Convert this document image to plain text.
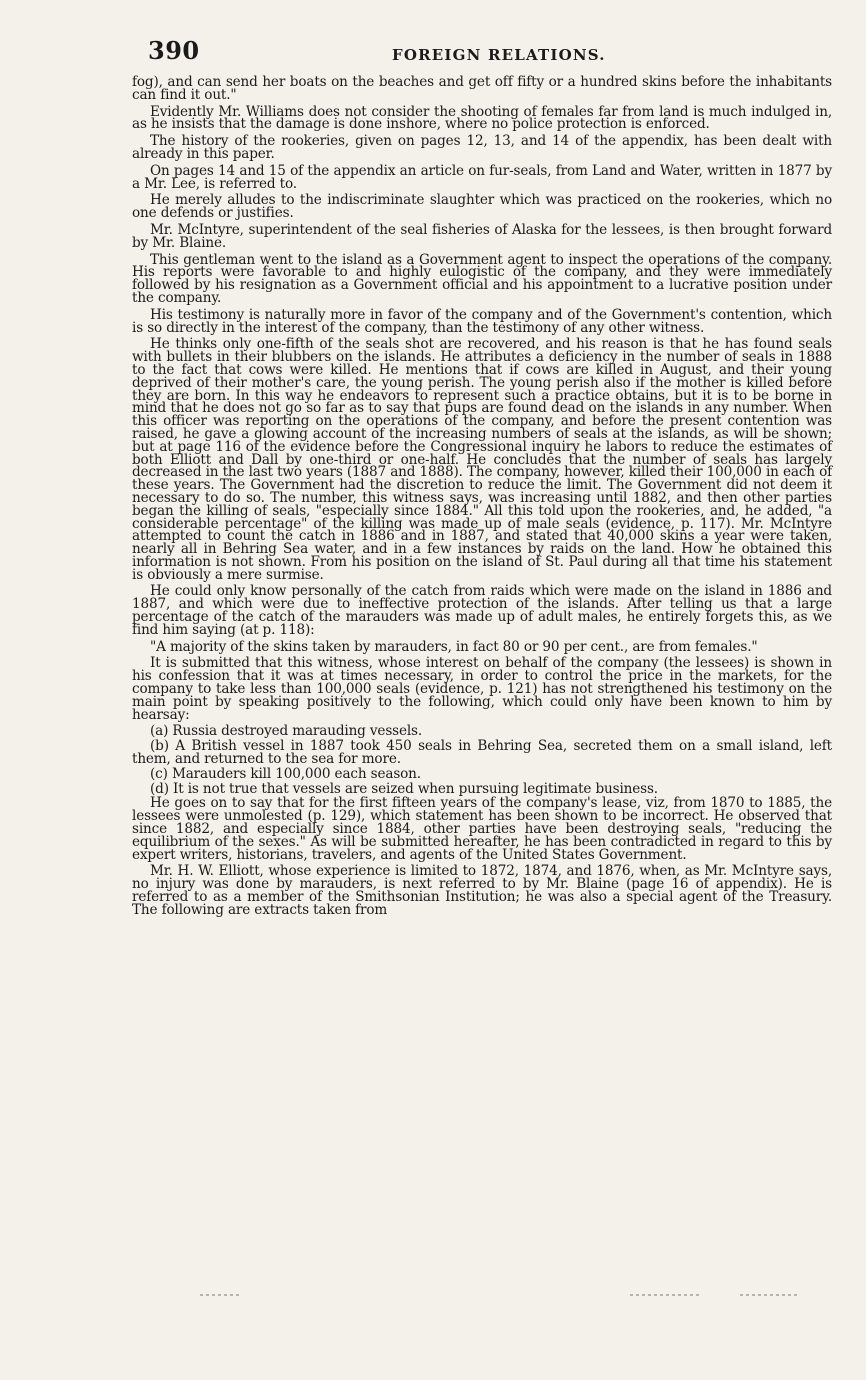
390	FOREIGN RELATIONS.

fog), and can send her boats on the beaches and get off fifty or a hundred skins before the inhabitants can find it out."

Evidently Mr. Williams does not consider the shooting of females far from land is much indulged in, as he insists that the damage is done inshore, where no police protection is enforced.

The history of the rookeries, given on pages 12, 13, and 14 of the appendix, has been dealt with already in this paper.

On pages 14 and 15 of the appendix an article on fur-seals, from Land and Water, written in 1877 by a Mr. Lee, is referred to.

He merely alludes to the indiscriminate slaughter which was practiced on the rookeries, which no one defends or justifies.

Mr. McIntyre, superintendent of the seal fisheries of Alaska for the lessees, is then brought forward by Mr. Blaine.

This gentleman went to the island as a Government agent to inspect the operations of the company. His reports were favorable to and highly eulogistic of the company, and they were immediately followed by his resignation as a Government official and his appointment to a lucrative position under the company.

His testimony is naturally more in favor of the company and of the Government's contention, which is so directly in the interest of the company, than the testimony of any other witness.

He thinks only one-fifth of the seals shot are recovered, and his reason is that he has found seals with bullets in their blubbers on the islands. He attributes a deficiency in the number of seals in 1888 to the fact that cows were killed. He mentions that if cows are killed in August, and their young deprived of their mother's care, the young perish. The young perish also if the mother is killed before they are born. In this way he endeavors to represent such a practice obtains, but it is to be borne in mind that he does not go so far as to say that pups are found dead on the islands in any number. When this officer was reporting on the operations of the company, and before the present contention was raised, he gave a glowing account of the increasing numbers of seals at the islands, as will be shown; but at page 116 of the evidence before the Congressional inquiry he labors to reduce the estimates of both Elliott and Dall by one-third or one-half. He concludes that the number of seals has largely decreased in the last two years (1887 and 1888). The company, however, killed their 100,000 in each of these years. The Government had the discretion to reduce the limit. The Government did not deem it necessary to do so. The number, this witness says, was increasing until 1882, and then other parties began the killing of seals, "especially since 1884." All this told upon the rookeries, and, he added, "a considerable percentage" of the killing was made up of male seals (evidence, p. 117). Mr. McIntyre attempted to count the catch in 1886 and in 1887, and stated that 40,000 skins a year were taken, nearly all in Behring Sea water, and in a few instances by raids on the land. How he obtained this information is not shown. From his position on the island of St. Paul during all that time his statement is obviously a mere surmise.

He could only know personally of the catch from raids which were made on the island in 1886 and 1887, and which were due to ineffective protection of the islands. After telling us that a large percentage of the catch of the marauders was made up of adult males, he entirely forgets this, as we find him saying (at p. 118):

"A majority of the skins taken by marauders, in fact 80 or 90 per cent., are from females."

It is submitted that this witness, whose interest on behalf of the company (the lessees) is shown in his confession that it was at times necessary, in order to control the price in the markets, for the company to take less than 100,000 seals (evidence, p. 121) has not strengthened his testimony on the main point by speaking positively to the following, which could only have been known to him by hearsay:

(a) Russia destroyed marauding vessels.

(b) A British vessel in 1887 took 450 seals in Behring Sea, secreted them on a small island, left them, and returned to the sea for more.

(c) Marauders kill 100,000 each season.

(d) It is not true that vessels are seized when pursuing legitimate business.

He goes on to say that for the first fifteen years of the company's lease, viz, from 1870 to 1885, the lessees were unmolested (p. 129), which statement has been shown to be incorrect. He observed that since 1882, and especially since 1884, other parties have been destroying seals, "reducing the equilibrium of the sexes." As will be submitted hereafter, he has been contradicted in regard to this by expert writers, historians, travelers, and agents of the United States Government.

Mr. H. W. Elliott, whose experience is limited to 1872, 1874, and 1876, when, as Mr. McIntyre says, no injury was done by marauders, is next referred to by Mr. Blaine (page 16 of appendix). He is referred to as a member of the Smithsonian Institution; he was also a special agent of the Treasury. The following are extracts taken from
